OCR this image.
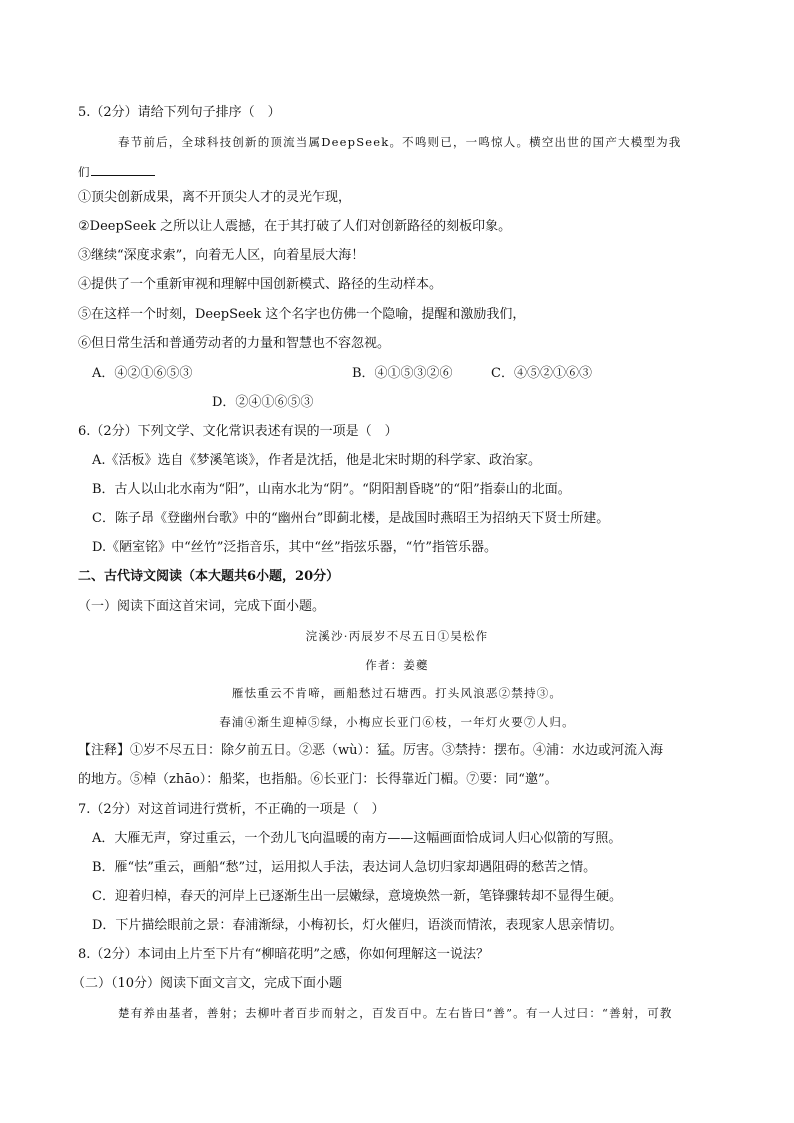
5.（2分）请给下列句子排序（　）
春节前后，全球科技创新的顶流当属DeepSeek。不鸣则已，一鸣惊人。横空出世的国产大模型为我
们
①顶尖创新成果，离不开顶尖人才的灵光乍现，
②DeepSeek 之所以让人震撼，在于其打破了人们对创新路径的刻板印象。
③继续“深度求索”，向着无人区，向着星辰大海！
④提供了一个重新审视和理解中国创新模式、路径的生动样本。
⑤在这样一个时刻，DeepSeek 这个名字也仿佛一个隐喻，提醒和激励我们，
⑥但日常生活和普通劳动者的力量和智慧也不容忽视。
A．④②①⑥⑤③	B．④①⑤③②⑥	C．④⑤②①⑥③
D．②④①⑥⑤③
6.（2分）下列文学、文化常识表述有误的一项是（　）
A.《活板》选自《梦溪笔谈》，作者是沈括，他是北宋时期的科学家、政治家。
B．古人以山北水南为“阳”，山南水北为“阴”。“阴阳割昏晓”的“阳”指泰山的北面。
C．陈子昂《登幽州台歌》中的“幽州台”即蓟北楼，是战国时燕昭王为招纳天下贤士所建。
D.《陋室铭》中“丝竹”泛指音乐，其中“丝”指弦乐器，“竹”指管乐器。
二、古代诗文阅读（本大题共6小题，20分）
（一）阅读下面这首宋词，完成下面小题。
浣溪沙·丙辰岁不尽五日①吴松作
作者：姜夔
雁怯重云不肯啼，画船愁过石塘西。打头风浪恶②禁持③。
春浦④渐生迎棹⑤绿，小梅应长亚门⑥枝，一年灯火要⑦人归。
【注释】①岁不尽五日：除夕前五日。②恶（wù）：猛。厉害。③禁持：摆布。④浦：水边或河流入海
的地方。⑤棹（zhāo）：船桨，也指船。⑥长亚门：长得靠近门楣。⑦要：同“邀”。
7.（2分）对这首词进行赏析，不正确的一项是（　）
A．大雁无声，穿过重云，一个劲儿飞向温暖的南方——这幅画面恰成词人归心似箭的写照。
B．雁“怯”重云，画船“愁”过，运用拟人手法，表达词人急切归家却遇阻碍的愁苦之情。
C．迎着归棹，春天的河岸上已逐渐生出一层嫩绿，意境焕然一新，笔锋骤转却不显得生硬。
D．下片描绘眼前之景：春浦渐绿，小梅初长，灯火催归，语淡而情浓，表现家人思亲情切。
8.（2分）本词由上片至下片有“柳暗花明”之感，你如何理解这一说法？
（二）（10分）阅读下面文言文，完成下面小题
楚有养由基者，善射；去柳叶者百步而射之，百发百中。左右皆曰“善”。有一人过曰：“善射，可教
